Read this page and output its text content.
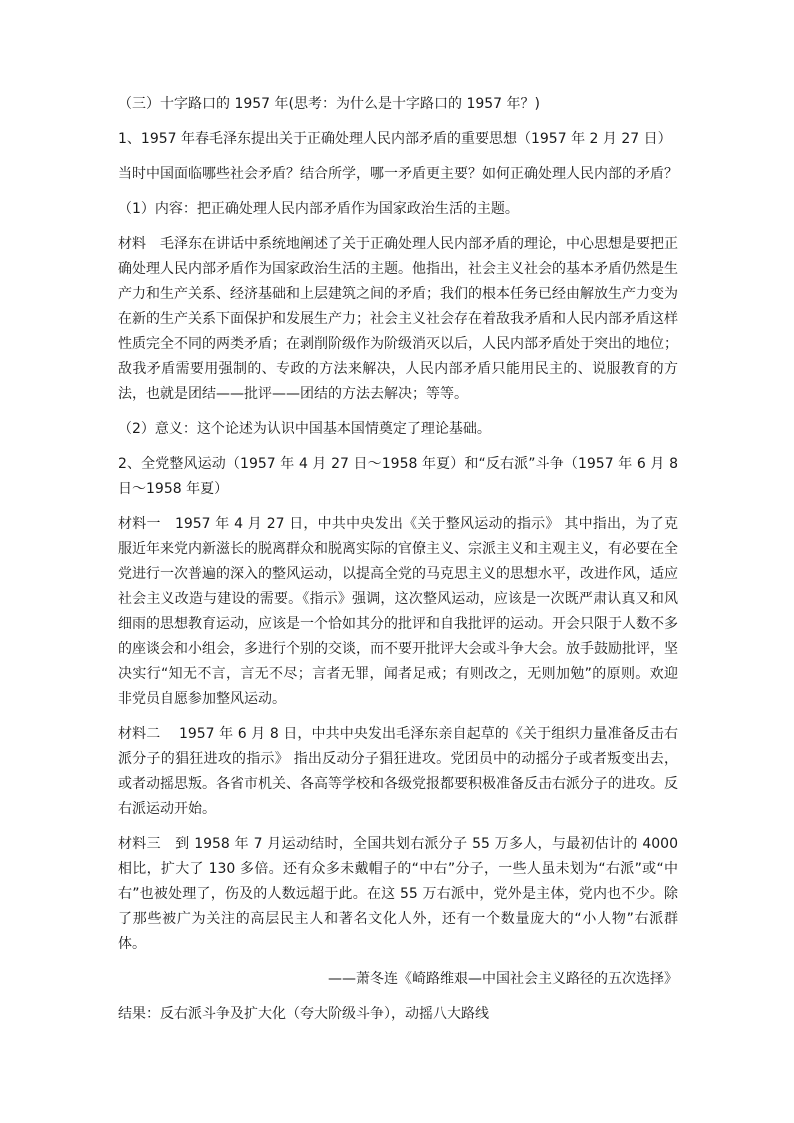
（三）十字路口的 1957 年(思考：为什么是十字路口的 1957 年？)

1、1957 年春毛泽东提出关于正确处理人民内部矛盾的重要思想（1957 年 2 月 27 日）

当时中国面临哪些社会矛盾？结合所学，哪一矛盾更主要？如何正确处理人民内部的矛盾？

（1）内容：把正确处理人民内部矛盾作为国家政治生活的主题。

材料　毛泽东在讲话中系统地阐述了关于正确处理人民内部矛盾的理论，中心思想是要把正确处理人民内部矛盾作为国家政治生活的主题。他指出，社会主义社会的基本矛盾仍然是生产力和生产关系、经济基础和上层建筑之间的矛盾；我们的根本任务已经由解放生产力变为在新的生产关系下面保护和发展生产力；社会主义社会存在着敌我矛盾和人民内部矛盾这样性质完全不同的两类矛盾；在剥削阶级作为阶级消灭以后，人民内部矛盾处于突出的地位；敌我矛盾需要用强制的、专政的方法来解决，人民内部矛盾只能用民主的、说服教育的方法，也就是团结——批评——团结的方法去解决；等等。

（2）意义：这个论述为认识中国基本国情奠定了理论基础。

2、全党整风运动（1957 年 4 月 27 日～1958 年夏）和“反右派”斗争（1957 年 6 月 8 日～1958 年夏）

材料一　1957 年 4 月 27 日，中共中央发出《关于整风运动的指示》 其中指出，为了克服近年来党内新滋长的脱离群众和脱离实际的官僚主义、宗派主义和主观主义，有必要在全党进行一次普遍的深入的整风运动，以提高全党的马克思主义的思想水平，改进作风，适应社会主义改造与建设的需要。《指示》强调，这次整风运动，应该是一次既严肃认真又和风细雨的思想教育运动，应该是一个恰如其分的批评和自我批评的运动。开会只限于人数不多的座谈会和小组会，多进行个别的交谈，而不要开批评大会或斗争大会。放手鼓励批评，坚决实行“知无不言，言无不尽；言者无罪，闻者足戒；有则改之，无则加勉”的原则。欢迎非党员自愿参加整风运动。

材料二　 1957 年 6 月 8 日，中共中央发出毛泽东亲自起草的《关于组织力量准备反击右派分子的猖狂进攻的指示》 指出反动分子猖狂进攻。党团员中的动摇分子或者叛变出去，或者动摇思叛。各省市机关、各高等学校和各级党报都要积极准备反击右派分子的进攻。反右派运动开始。

材料三　到 1958 年 7 月运动结时，全国共划右派分子 55 万多人，与最初估计的 4000 相比，扩大了 130 多倍。还有众多未戴帽子的“中右”分子，一些人虽未划为“右派”或“中右”也被处理了，伤及的人数远超于此。在这 55 万右派中，党外是主体，党内也不少。除了那些被广为关注的高层民主人和著名文化人外，还有一个数量庞大的“小人物”右派群体。

——萧冬连《崎路维艰—中国社会主义路径的五次选择》

结果：反右派斗争及扩大化（夸大阶级斗争），动摇八大路线
